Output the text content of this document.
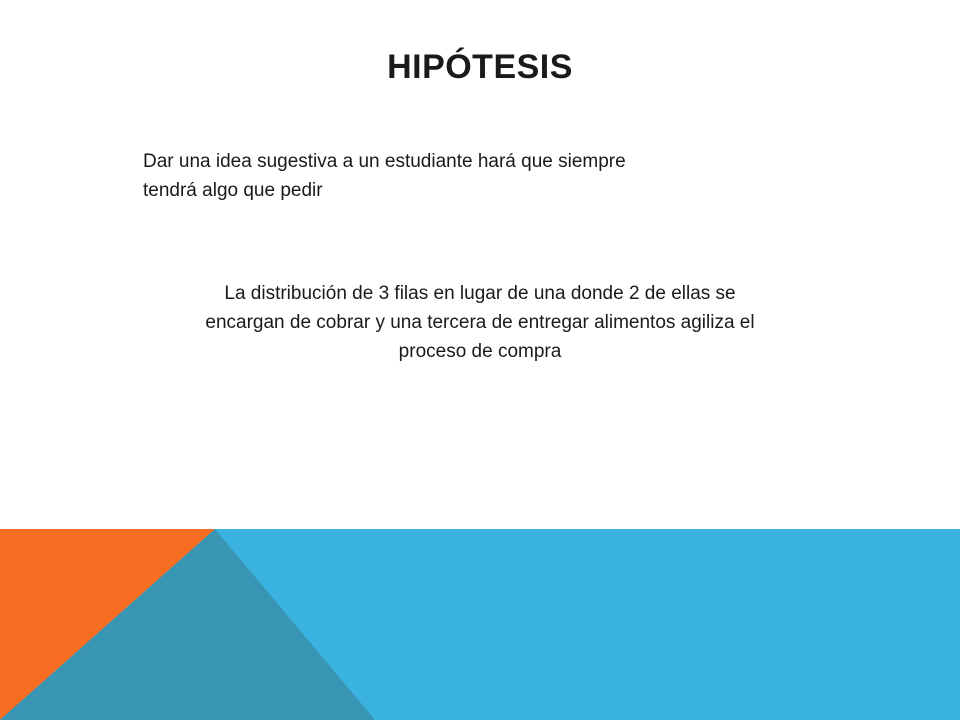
HIPÓTESIS
Dar una idea sugestiva a un estudiante hará que siempre
tendrá algo que pedir
La distribución de 3 filas en lugar de una donde 2 de ellas se
encargan de cobrar y una tercera de entregar alimentos agiliza el
proceso de compra
